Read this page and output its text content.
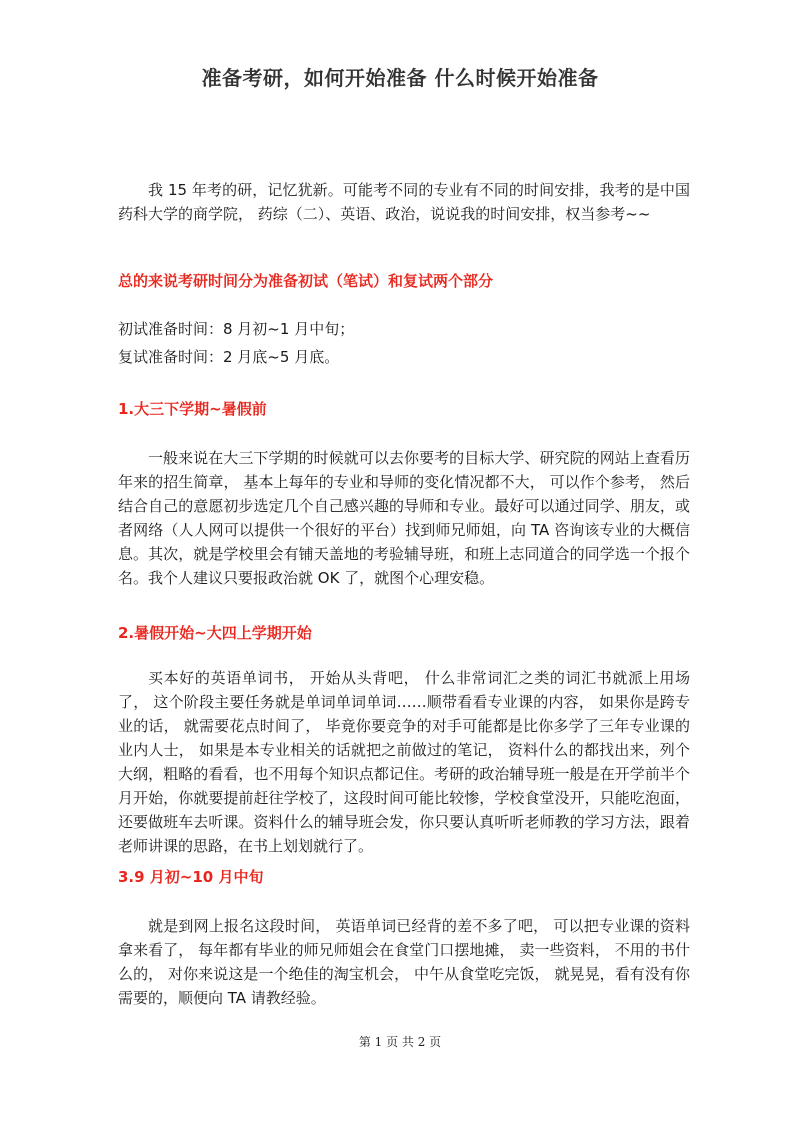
准备考研，如何开始准备 什么时候开始准备

我 15 年考的研，记忆犹新。可能考不同的专业有不同的时间安排，我考的是中国药科大学的商学院， 药综（二）、英语、政治，说说我的时间安排，权当参考~~

总的来说考研时间分为准备初试（笔试）和复试两个部分

初试准备时间：8 月初~1 月中旬；

复试准备时间：2 月底~5 月底。

1.大三下学期~暑假前

一般来说在大三下学期的时候就可以去你要考的目标大学、研究院的网站上查看历年来的招生简章， 基本上每年的专业和导师的变化情况都不大， 可以作个参考， 然后结合自己的意愿初步选定几个自己感兴趣的导师和专业。最好可以通过同学、朋友，或者网络（人人网可以提供一个很好的平台）找到师兄师姐，向 TA 咨询该专业的大概信息。其次，就是学校里会有铺天盖地的考验辅导班，和班上志同道合的同学选一个报个名。我个人建议只要报政治就 OK 了，就图个心理安稳。

2.暑假开始~大四上学期开始

买本好的英语单词书， 开始从头背吧， 什么非常词汇之类的词汇书就派上用场了， 这个阶段主要任务就是单词单词单词……顺带看看专业课的内容， 如果你是跨专业的话， 就需要花点时间了， 毕竟你要竞争的对手可能都是比你多学了三年专业课的业内人士， 如果是本专业相关的话就把之前做过的笔记， 资料什么的都找出来，列个大纲，粗略的看看，也不用每个知识点都记住。考研的政治辅导班一般是在开学前半个月开始，你就要提前赶往学校了，这段时间可能比较惨，学校食堂没开，只能吃泡面，还要做班车去听课。资料什么的辅导班会发，你只要认真听听老师教的学习方法，跟着老师讲课的思路，在书上划划就行了。

3.9 月初~10 月中旬

就是到网上报名这段时间， 英语单词已经背的差不多了吧， 可以把专业课的资料拿来看了， 每年都有毕业的师兄师姐会在食堂门口摆地摊， 卖一些资料， 不用的书什么的， 对你来说这是一个绝佳的淘宝机会， 中午从食堂吃完饭， 就晃晃，看有没有你需要的，顺便向 TA 请教经验。

第 1 页 共 2 页
